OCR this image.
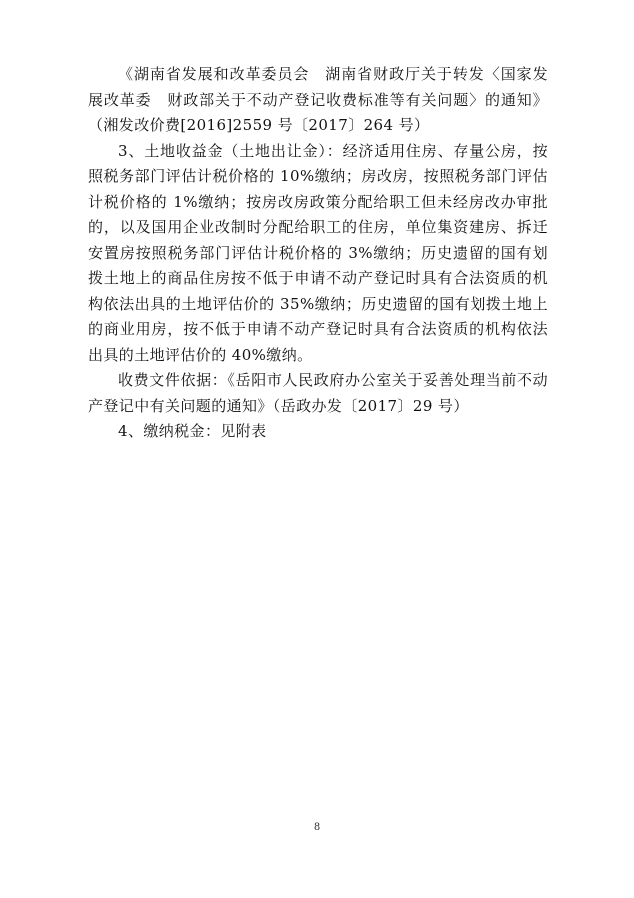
《湖南省发展和改革委员会　湖南省财政厅关于转发〈国家发展改革委　财政部关于不动产登记收费标准等有关问题〉的通知》（湘发改价费[2016]2559 号〔2017〕264 号）

3、土地收益金（土地出让金）：经济适用住房、存量公房，按照税务部门评估计税价格的 10%缴纳；房改房，按照税务部门评估计税价格的 1%缴纳；按房改房政策分配给职工但未经房改办审批的，以及国用企业改制时分配给职工的住房，单位集资建房、拆迁安置房按照税务部门评估计税价格的 3%缴纳；历史遗留的国有划拨土地上的商品住房按不低于申请不动产登记时具有合法资质的机构依法出具的土地评估价的 35%缴纳；历史遗留的国有划拨土地上的商业用房，按不低于申请不动产登记时具有合法资质的机构依法出具的土地评估价的 40%缴纳。

收费文件依据：《岳阳市人民政府办公室关于妥善处理当前不动产登记中有关问题的通知》（岳政办发〔2017〕29 号）

4、缴纳税金：见附表

8
